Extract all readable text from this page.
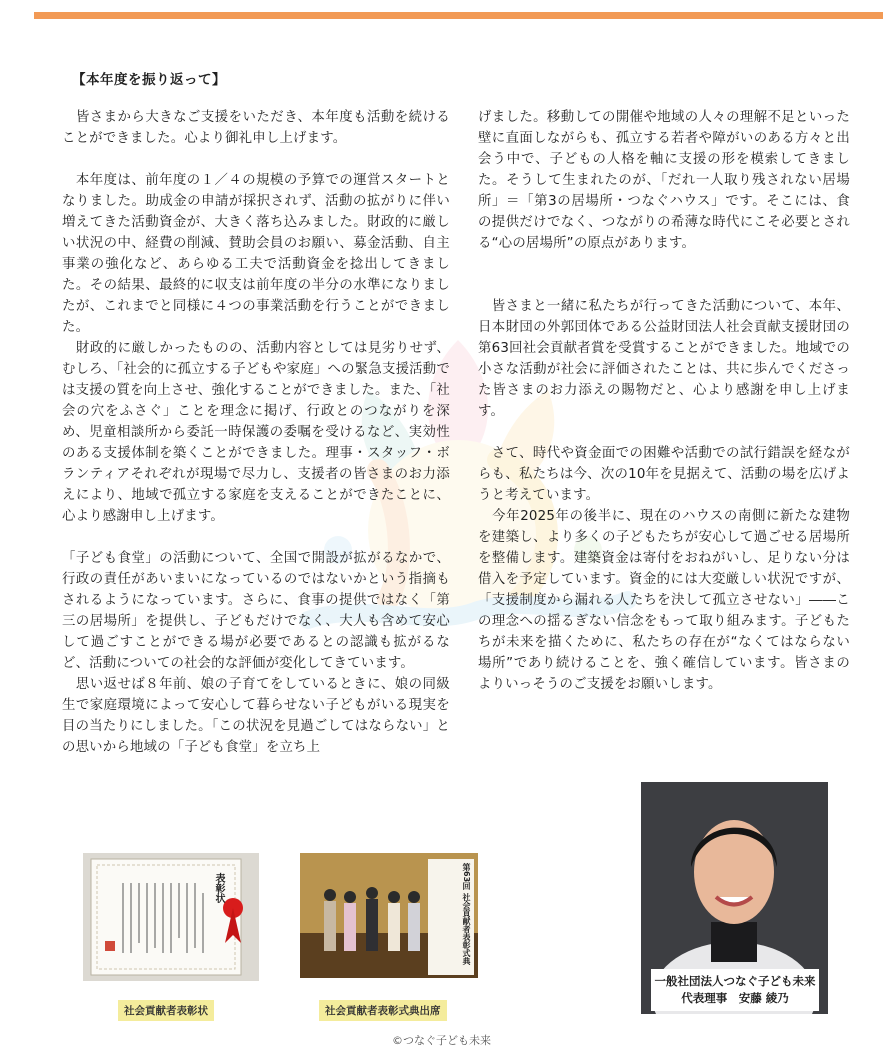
【本年度を振り返って】

　皆さまから大きなご支援をいただき、本年度も活動を続けることができました。心より御礼申し上げます。

　本年度は、前年度の１／４の規模の予算での運営スタートとなりました。助成金の申請が採択されず、活動の拡がりに伴い増えてきた活動資金が、大きく落ち込みました。財政的に厳しい状況の中、経費の削減、賛助会員のお願い、募金活動、自主事業の強化など、あらゆる工夫で活動資金を捻出してきました。その結果、最終的に収支は前年度の半分の水準になりましたが、これまでと同様に４つの事業活動を行うことができました。

　財政的に厳しかったものの、活動内容としては見劣りせず、むしろ、「社会的に孤立する子どもや家庭」への緊急支援活動では支援の質を向上させ、強化することができました。また、「社会の穴をふさぐ」ことを理念に掲げ、行政とのつながりを深め、児童相談所から委託一時保護の委嘱を受けるなど、実効性のある支援体制を築くことができました。理事・スタッフ・ボランティアそれぞれが現場で尽力し、支援者の皆さまのお力添えにより、地域で孤立する家庭を支えることができたことに、心より感謝申し上げます。

「子ども食堂」の活動について、全国で開設が拡がるなかで、行政の責任があいまいになっているのではないかという指摘もされるようになっています。さらに、食事の提供ではなく「第三の居場所」を提供し、子どもだけでなく、大人も含めて安心して過ごすことができる場が必要であるとの認識も拡がるなど、活動についての社会的な評価が変化してきています。

　思い返せば８年前、娘の子育てをしているときに、娘の同級生で家庭環境によって安心して暮らせない子どもがいる現実を目の当たりにしました。「この状況を見過ごしてはならない」との思いから地域の「子ども食堂」を立ち上

げました。移動しての開催や地域の人々の理解不足といった壁に直面しながらも、孤立する若者や障がいのある方々と出会う中で、子どもの人格を軸に支援の形を模索してきました。そうして生まれたのが、「だれ一人取り残されない居場所」＝「第3の居場所・つなぐハウス」です。そこには、食の提供だけでなく、つながりの希薄な時代にこそ必要とされる“心の居場所”の原点があります。

　皆さまと一緒に私たちが行ってきた活動について、本年、日本財団の外郭団体である公益財団法人社会貢献支援財団の第63回社会貢献者賞を受賞することができました。地域での小さな活動が社会に評価されたことは、共に歩んでくださった皆さまのお力添えの賜物だと、心より感謝を申し上げます。

　さて、時代や資金面での困難や活動での試行錯誤を経ながらも、私たちは今、次の10年を見据えて、活動の場を広げようと考えています。

　今年2025年の後半に、現在のハウスの南側に新たな建物を建築し、より多くの子どもたちが安心して過ごせる居場所を整備します。建築資金は寄付をおねがいし、足りない分は借入を予定しています。資金的には大変厳しい状況ですが、「支援制度から漏れる人たちを決して孤立させない」――この理念への揺るぎない信念をもって取り組みます。子どもたちが未来を描くために、私たちの存在が“なくてはならない場所”であり続けることを、強く確信しています。皆さまのよりいっそうのご支援をお願いします。

表彰状
社会貢献者表彰状
第63回 社会貢献者表彰式典
社会貢献者表彰式典出席
一般社団法人つなぐ子ども未来
代表理事　安藤 綾乃
©つなぐ子ども未来
